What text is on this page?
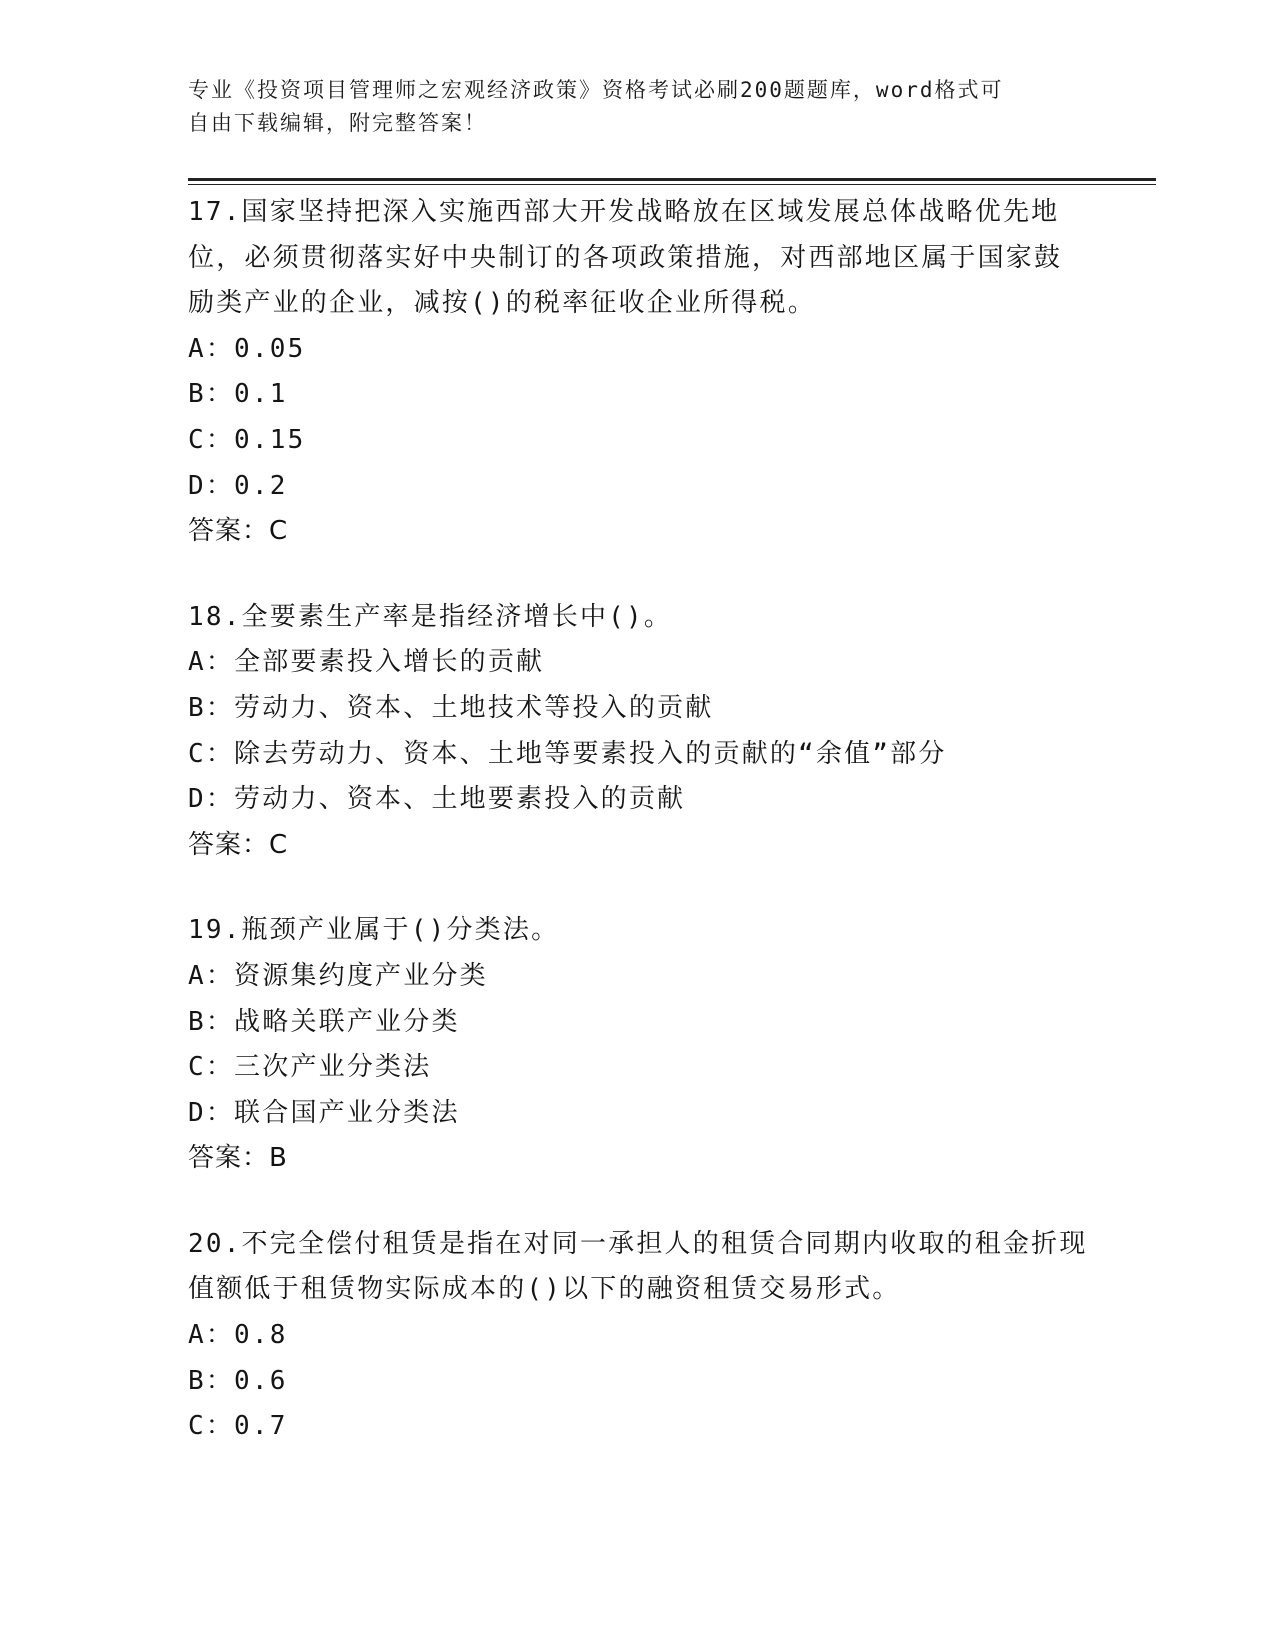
专业《投资项目管理师之宏观经济政策》资格考试必刷200题题库，word格式可
自由下载编辑，附完整答案！
17.国家坚持把深入实施西部大开发战略放在区域发展总体战略优先地位，必须贯彻落实好中央制订的各项政策措施，对西部地区属于国家鼓励类产业的企业，减按()的税率征收企业所得税。
A：0.05
B：0.1
C：0.15
D：0.2
答案：C
18.全要素生产率是指经济增长中()。
A：全部要素投入增长的贡献
B：劳动力、资本、土地技术等投入的贡献
C：除去劳动力、资本、土地等要素投入的贡献的“余值”部分
D：劳动力、资本、土地要素投入的贡献
答案：C
19.瓶颈产业属于()分类法。
A：资源集约度产业分类
B：战略关联产业分类
C：三次产业分类法
D：联合国产业分类法
答案：B
20.不完全偿付租赁是指在对同一承担人的租赁合同期内收取的租金折现值额低于租赁物实际成本的()以下的融资租赁交易形式。
A：0.8
B：0.6
C：0.7
